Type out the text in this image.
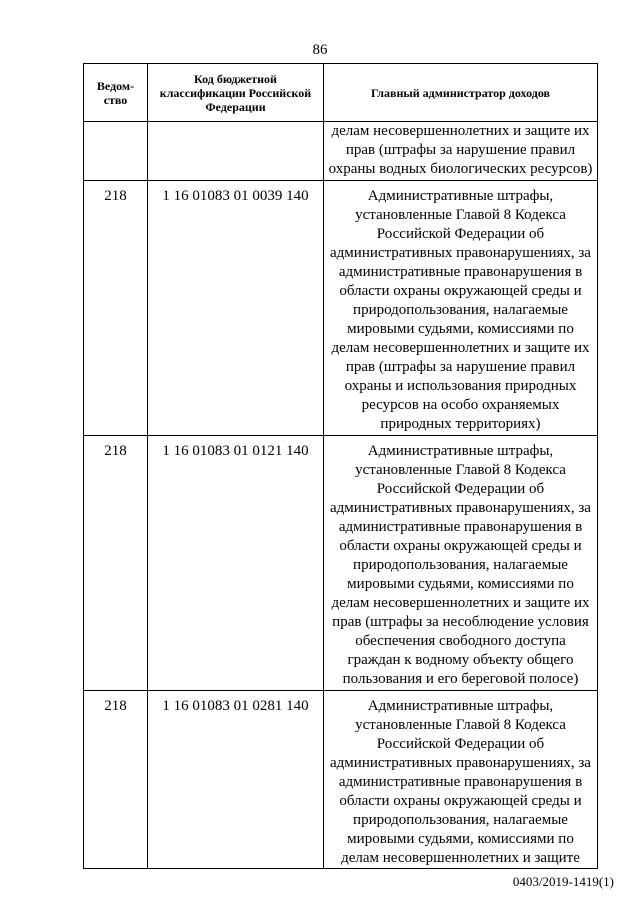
86
Ведом-ство	Код бюджетной классификации Российской Федерации	Главный администратор доходов
		делам несовершеннолетних и защите их прав (штрафы за нарушение правил охраны водных биологических ресурсов)
218	1 16 01083 01 0039 140	Административные штрафы, установленные Главой 8 Кодекса Российской Федерации об административных правонарушениях, за административные правонарушения в области охраны окружающей среды и природопользования, налагаемые мировыми судьями, комиссиями по делам несовершеннолетних и защите их прав (штрафы за нарушение правил охраны и использования природных ресурсов на особо охраняемых природных территориях)
218	1 16 01083 01 0121 140	Административные штрафы, установленные Главой 8 Кодекса Российской Федерации об административных правонарушениях, за административные правонарушения в области охраны окружающей среды и природопользования, налагаемые мировыми судьями, комиссиями по делам несовершеннолетних и защите их прав (штрафы за несоблюдение условия обеспечения свободного доступа граждан к водному объекту общего пользования и его береговой полосе)
218	1 16 01083 01 0281 140	Административные штрафы, установленные Главой 8 Кодекса Российской Федерации об административных правонарушениях, за административные правонарушения в области охраны окружающей среды и природопользования, налагаемые мировыми судьями, комиссиями по делам несовершеннолетних и защите
0403/2019-1419(1)
